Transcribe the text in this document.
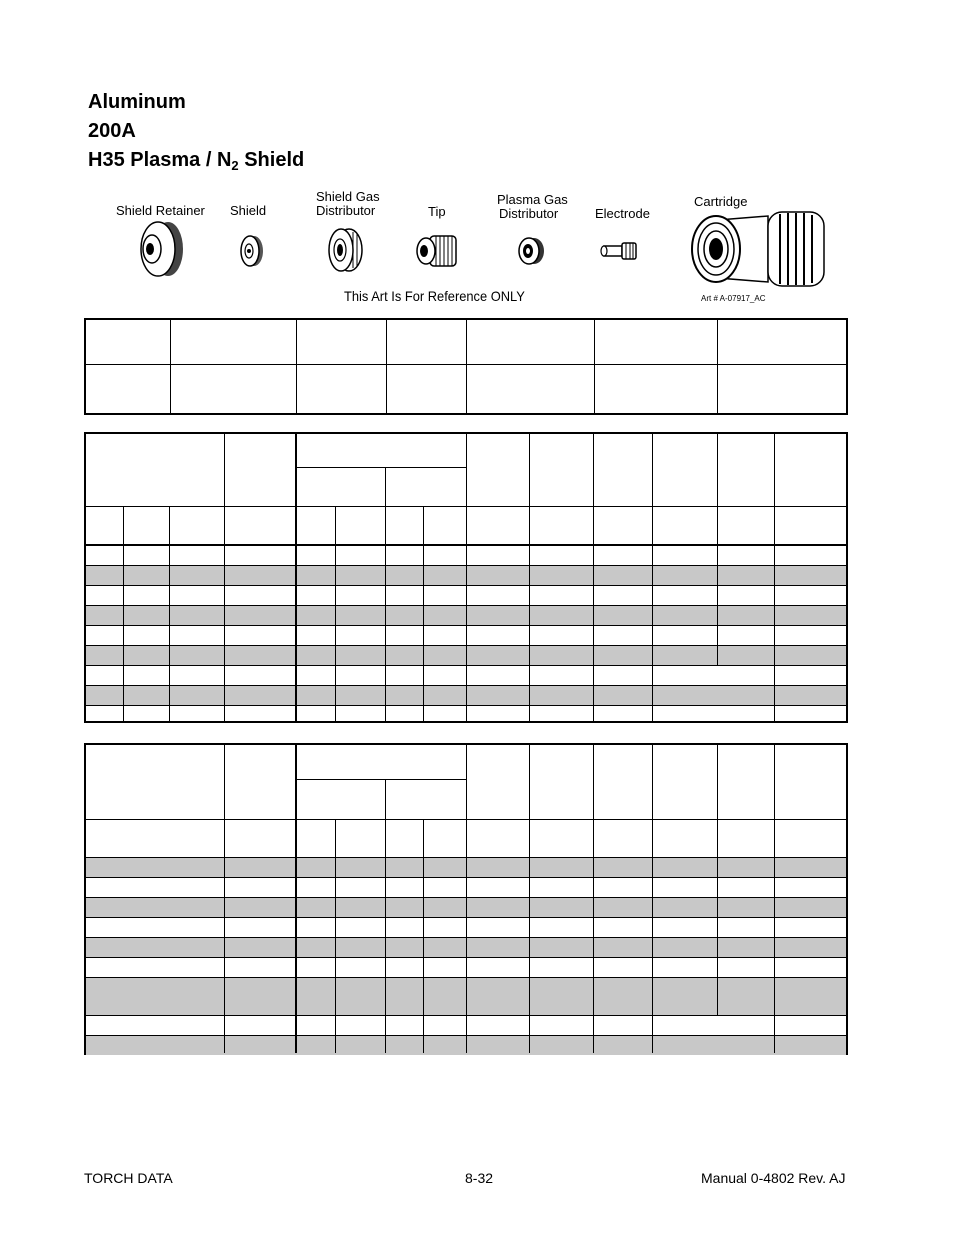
Aluminum
200A
H35 Plasma / $N_2$ Shield
Shield Retainer Shield
Shield Gas
Distributor	Tip
Plasma Gas
Distributor	Electrode
Cartridge
This Art Is For Reference ONLY	Art # A-07917_AC
TORCH DATA	8-32	Manual 0-4802 Rev. AJ
